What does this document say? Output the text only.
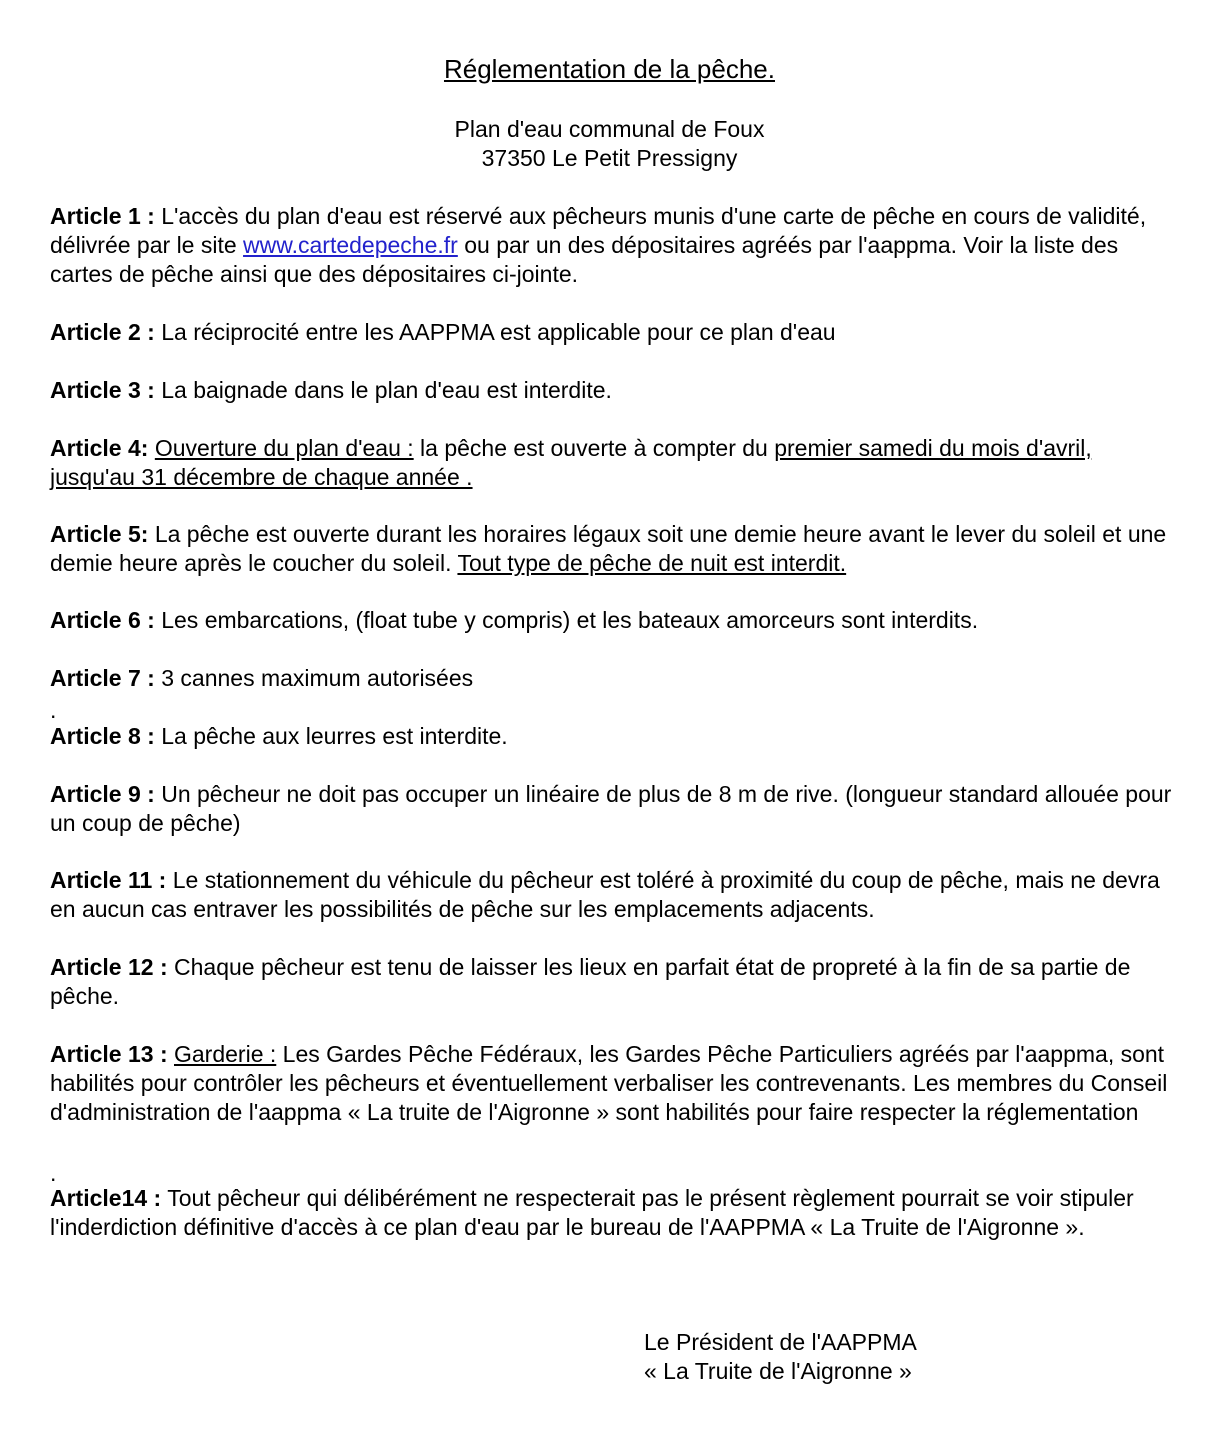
Réglementation de la pêche.
Plan d'eau communal de Foux
37350 Le Petit Pressigny
Article 1 : L'accès du plan d'eau est réservé aux pêcheurs munis d'une carte de pêche en cours de validité, délivrée par le site www.cartedepeche.fr ou par un des dépositaires agréés par l'aappma. Voir la liste des cartes de pêche ainsi que des dépositaires ci-jointe.
Article 2 : La réciprocité entre les AAPPMA est applicable pour ce plan d'eau
Article 3 : La baignade dans le plan d'eau est interdite.
Article 4: Ouverture du plan d'eau : la pêche est ouverte à compter du premier samedi du mois d'avril, jusqu'au 31 décembre de chaque année .
Article 5: La pêche est ouverte durant les horaires légaux soit une demie heure avant le lever du soleil et une demie heure après le coucher du soleil. Tout type de pêche de nuit est interdit.
Article 6 : Les embarcations, (float tube y compris) et les bateaux amorceurs sont interdits.
Article 7 : 3 cannes maximum autorisées
.
Article 8 : La pêche aux leurres est interdite.
Article 9 : Un pêcheur ne doit pas occuper un linéaire de plus de 8 m de rive. (longueur standard allouée pour un coup de pêche)
Article 11 : Le stationnement du véhicule du pêcheur est toléré à proximité du coup de pêche, mais ne devra en aucun cas entraver les possibilités de pêche sur les emplacements adjacents.
Article 12 : Chaque pêcheur est tenu de laisser les lieux en parfait état de propreté à la fin de sa partie de pêche.
Article 13 : Garderie : Les Gardes Pêche Fédéraux, les Gardes Pêche Particuliers agréés par l'aappma, sont habilités pour contrôler les pêcheurs et éventuellement verbaliser les contrevenants. Les membres du Conseil d'administration de l'aappma « La truite de l'Aigronne » sont habilités pour faire respecter la réglementation
.
Article14 : Tout pêcheur qui délibérément ne respecterait pas le présent règlement pourrait se voir stipuler l'inderdiction définitive d'accès à ce plan d'eau par le bureau de l'AAPPMA « La Truite de l'Aigronne ».
Le Président de l'AAPPMA
« La Truite de l'Aigronne »
